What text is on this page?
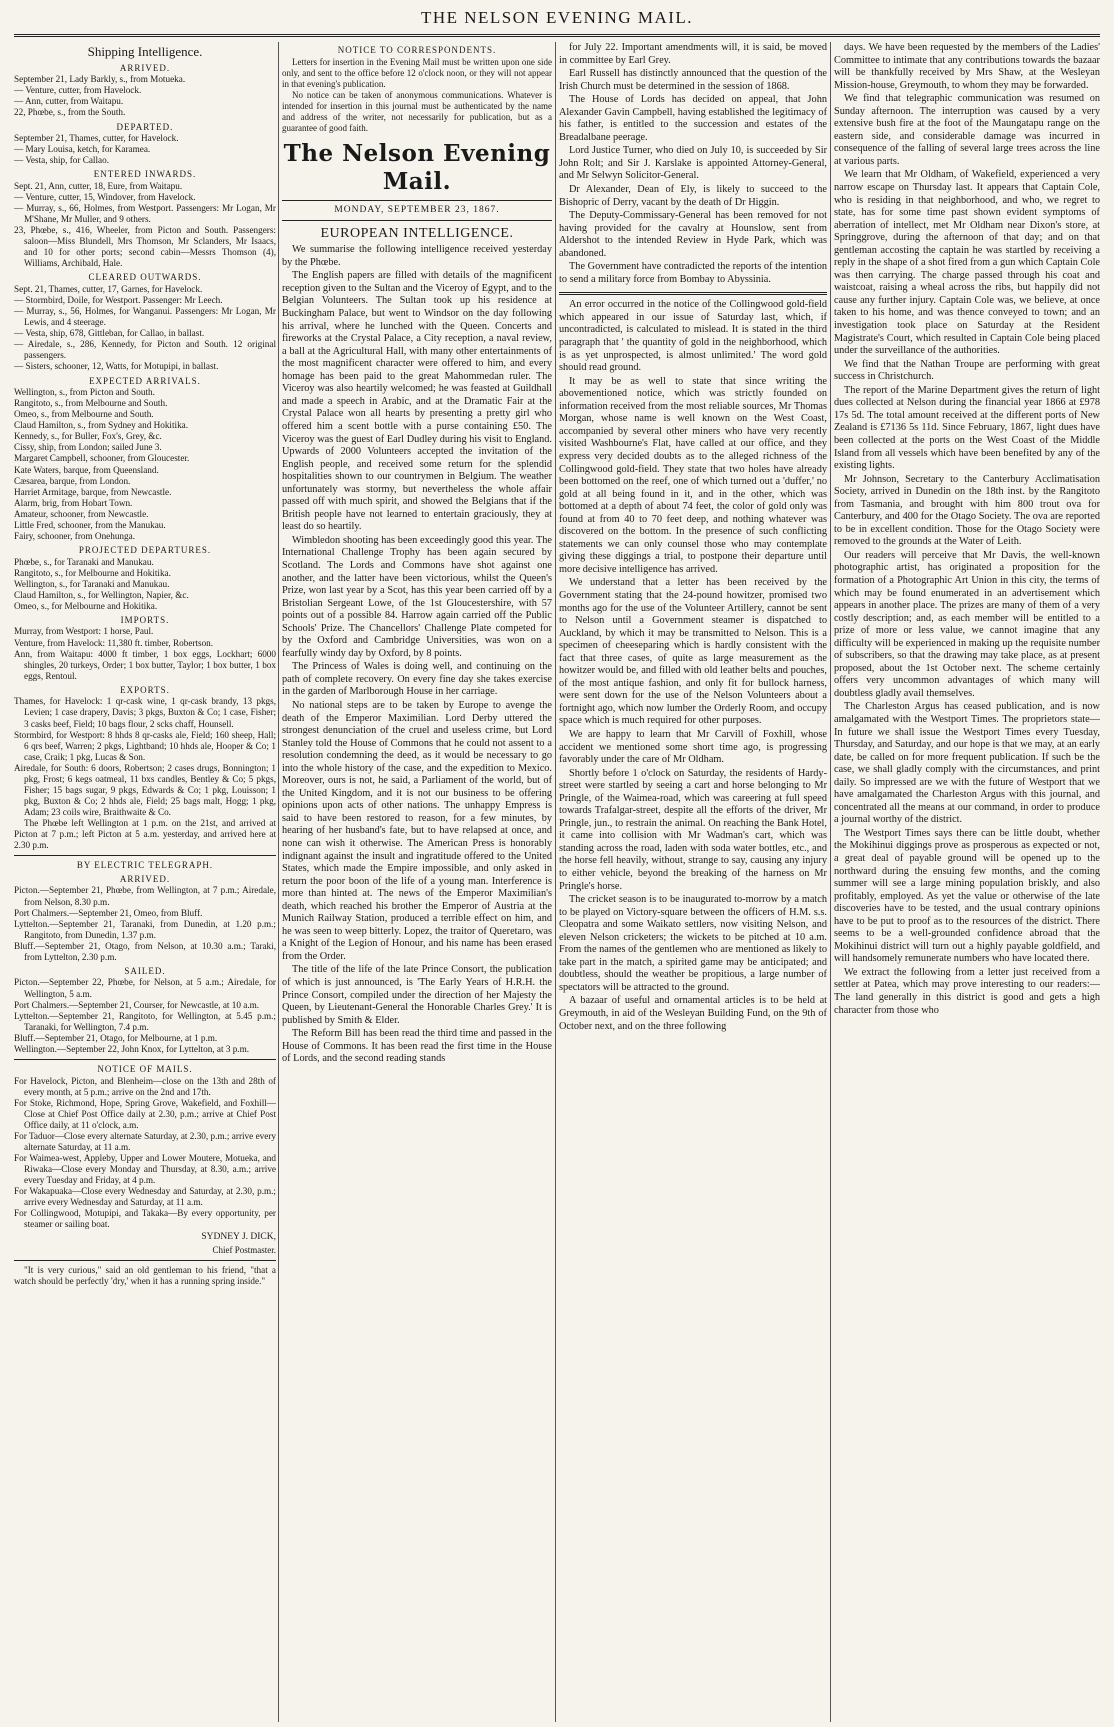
THE NELSON EVENING MAIL.
Shipping Intelligence.
ARRIVED.

September 21, Lady Barkly, s., from Motueka.

— Venture, cutter, from Havelock.

— Ann, cutter, from Waitapu.

22, Phœbe, s., from the South.

DEPARTED.

September 21, Thames, cutter, for Havelock.

— Mary Louisa, ketch, for Karamea.

— Vesta, ship, for Callao.

ENTERED INWARDS.

Sept. 21, Ann, cutter, 18, Eure, from Waitapu.

— Venture, cutter, 15, Windover, from Havelock.

— Murray, s., 66, Holmes, from Westport. Passengers: Mr Logan, Mr M'Shane, Mr Muller, and 9 others.

23, Phœbe, s., 416, Wheeler, from Picton and South. Passengers: saloon—Miss Blundell, Mrs Thomson, Mr Sclanders, Mr Isaacs, and 10 for other ports; second cabin—Messrs Thomson (4), Williams, Archibald, Hale.

CLEARED OUTWARDS.

Sept. 21, Thames, cutter, 17, Garnes, for Havelock.

— Stormbird, Doile, for Westport. Passenger: Mr Leech.

— Murray, s., 56, Holmes, for Wanganui. Passengers: Mr Logan, Mr Lewis, and 4 steerage.

— Vesta, ship, 678, Gittleban, for Callao, in ballast.

— Airedale, s., 286, Kennedy, for Picton and South. 12 original passengers.

— Sisters, schooner, 12, Watts, for Motupipi, in ballast.

EXPECTED ARRIVALS.

Wellington, s., from Picton and South.

Rangitoto, s., from Melbourne and South.

Omeo, s., from Melbourne and South.

Claud Hamilton, s., from Sydney and Hokitika.

Kennedy, s., for Buller, Fox's, Grey, &c.

Cissy, ship, from London; sailed June 3.

Margaret Campbell, schooner, from Gloucester.

Kate Waters, barque, from Queensland.

Cæsarea, barque, from London.

Harriet Armitage, barque, from Newcastle.

Alarm, brig, from Hobart Town.

Amateur, schooner, from Newcastle.

Little Fred, schooner, from the Manukau.

Fairy, schooner, from Onehunga.

PROJECTED DEPARTURES.

Phœbe, s., for Taranaki and Manukau.

Rangitoto, s., for Melbourne and Hokitika.

Wellington, s., for Taranaki and Manukau.

Claud Hamilton, s., for Wellington, Napier, &c.

Omeo, s., for Melbourne and Hokitika.

IMPORTS.

Murray, from Westport: 1 horse, Paul.

Venture, from Havelock: 11,380 ft. timber, Robertson.

Ann, from Waitapu: 4000 ft timber, 1 box eggs, Lockhart; 6000 shingles, 20 turkeys, Order; 1 box butter, Taylor; 1 box butter, 1 box eggs, Rentoul.

EXPORTS.

Thames, for Havelock: 1 qr-cask wine, 1 qr-cask brandy, 13 pkgs, Levien; 1 case drapery, Davis; 3 pkgs, Buxton & Co; 1 case, Fisher; 3 casks beef, Field; 10 bags flour, 2 scks chaff, Hounsell.

Stormbird, for Westport: 8 hhds 8 qr-casks ale, Field; 160 sheep, Hall; 6 qrs beef, Warren; 2 pkgs, Lightband; 10 hhds ale, Hooper & Co; 1 case, Craik; 1 pkg, Lucas & Son.

Airedale, for South: 6 doors, Robertson; 2 cases drugs, Bonnington; 1 pkg, Frost; 6 kegs oatmeal, 11 bxs candles, Bentley & Co; 5 pkgs, Fisher; 15 bags sugar, 9 pkgs, Edwards & Co; 1 pkg, Louisson; 1 pkg, Buxton & Co; 2 hhds ale, Field; 25 bags malt, Hogg; 1 pkg, Adam; 23 coils wire, Braithwaite & Co.

The Phœbe left Wellington at 1 p.m. on the 21st, and arrived at Picton at 7 p.m.; left Picton at 5 a.m. yesterday, and arrived here at 2.30 p.m.

BY ELECTRIC TELEGRAPH.
ARRIVED.

Picton.—September 21, Phœbe, from Wellington, at 7 p.m.; Airedale, from Nelson, 8.30 p.m.

Port Chalmers.—September 21, Omeo, from Bluff.

Lyttelton.—September 21, Taranaki, from Dunedin, at 1.20 p.m.; Rangitoto, from Dunedin, 1.37 p.m.

Bluff.—September 21, Otago, from Nelson, at 10.30 a.m.; Taraki, from Lyttelton, 2.30 p.m.

SAILED.

Picton.—September 22, Phœbe, for Nelson, at 5 a.m.; Airedale, for Wellington, 5 a.m.

Port Chalmers.—September 21, Courser, for Newcastle, at 10 a.m.

Lyttelton.—September 21, Rangitoto, for Wellington, at 5.45 p.m.; Taranaki, for Wellington, 7.4 p.m.

Bluff.—September 21, Otago, for Melbourne, at 1 p.m.

Wellington.—September 22, John Knox, for Lyttelton, at 3 p.m.

NOTICE OF MAILS.

For Havelock, Picton, and Blenheim—close on the 13th and 28th of every month, at 5 p.m.; arrive on the 2nd and 17th.

For Stoke, Richmond, Hope, Spring Grove, Wakefield, and Foxhill—Close at Chief Post Office daily at 2.30, p.m.; arrive at Chief Post Office daily, at 11 o'clock, a.m.

For Taduor—Close every alternate Saturday, at 2.30, p.m.; arrive every alternate Saturday, at 11 a.m.

For Waimea-west, Appleby, Upper and Lower Moutere, Motueka, and Riwaka—Close every Monday and Thursday, at 8.30, a.m.; arrive every Tuesday and Friday, at 4 p.m.

For Wakapuaka—Close every Wednesday and Saturday, at 2.30, p.m.; arrive every Wednesday and Saturday, at 11 a.m.

For Collingwood, Motupipi, and Takaka—By every opportunity, per steamer or sailing boat.

SYDNEY J. DICK,
Chief Postmaster.

"It is very curious," said an old gentleman to his friend, "that a watch should be perfectly 'dry,' when it has a running spring inside."

NOTICE TO CORRESPONDENTS.

Letters for insertion in the Evening Mail must be written upon one side only, and sent to the office before 12 o'clock noon, or they will not appear in that evening's publication.

No notice can be taken of anonymous communications. Whatever is intended for insertion in this journal must be authenticated by the name and address of the writer, not necessarily for publication, but as a guarantee of good faith.

The Nelson Evening Mail.
MONDAY, SEPTEMBER 23, 1867.
EUROPEAN INTELLIGENCE.

We summarise the following intelligence received yesterday by the Phœbe.

The English papers are filled with details of the magnificent reception given to the Sultan and the Viceroy of Egypt, and to the Belgian Volunteers. The Sultan took up his residence at Buckingham Palace, but went to Windsor on the day following his arrival, where he lunched with the Queen. Concerts and fireworks at the Crystal Palace, a City reception, a naval review, a ball at the Agricultural Hall, with many other entertainments of the most magnificent character were offered to him, and every homage has been paid to the great Mahommedan ruler. The Viceroy was also heartily welcomed; he was feasted at Guildhall and made a speech in Arabic, and at the Dramatic Fair at the Crystal Palace won all hearts by presenting a pretty girl who offered him a scent bottle with a purse containing £50. The Viceroy was the guest of Earl Dudley during his visit to England. Upwards of 2000 Volunteers accepted the invitation of the English people, and received some return for the splendid hospitalities shown to our countrymen in Belgium. The weather unfortunately was stormy, but nevertheless the whole affair passed off with much spirit, and showed the Belgians that if the British people have not learned to entertain graciously, they at least do so heartily.

Wimbledon shooting has been exceedingly good this year. The International Challenge Trophy has been again secured by Scotland. The Lords and Commons have shot against one another, and the latter have been victorious, whilst the Queen's Prize, won last year by a Scot, has this year been carried off by a Bristolian Sergeant Lowe, of the 1st Gloucestershire, with 57 points out of a possible 84. Harrow again carried off the Public Schools' Prize. The Chancellors' Challenge Plate competed for by the Oxford and Cambridge Universities, was won on a fearfully windy day by Oxford, by 8 points.

The Princess of Wales is doing well, and continuing on the path of complete recovery. On every fine day she takes exercise in the garden of Marlborough House in her carriage.

No national steps are to be taken by Europe to avenge the death of the Emperor Maximilian. Lord Derby uttered the strongest denunciation of the cruel and useless crime, but Lord Stanley told the House of Commons that he could not assent to a resolution condemning the deed, as it would be necessary to go into the whole history of the case, and the expedition to Mexico. Moreover, ours is not, he said, a Parliament of the world, but of the United Kingdom, and it is not our business to be offering opinions upon acts of other nations. The unhappy Empress is said to have been restored to reason, for a few minutes, by hearing of her husband's fate, but to have relapsed at once, and none can wish it otherwise. The American Press is honorably indignant against the insult and ingratitude offered to the United States, which made the Empire impossible, and only asked in return the poor boon of the life of a young man. Interference is more than hinted at. The news of the Emperor Maximilian's death, which reached his brother the Emperor of Austria at the Munich Railway Station, produced a terrible effect on him, and he was seen to weep bitterly. Lopez, the traitor of Queretaro, was a Knight of the Legion of Honour, and his name has been erased from the Order.

The title of the life of the late Prince Consort, the publication of which is just announced, is 'The Early Years of H.R.H. the Prince Consort, compiled under the direction of her Majesty the Queen, by Lieutenant-General the Honorable Charles Grey.' It is published by Smith & Elder.

The Reform Bill has been read the third time and passed in the House of Commons. It has been read the first time in the House of Lords, and the second reading stands

for July 22. Important amendments will, it is said, be moved in committee by Earl Grey.

Earl Russell has distinctly announced that the question of the Irish Church must be determined in the session of 1868.

The House of Lords has decided on appeal, that John Alexander Gavin Campbell, having established the legitimacy of his father, is entitled to the succession and estates of the Breadalbane peerage.

Lord Justice Turner, who died on July 10, is succeeded by Sir John Rolt; and Sir J. Karslake is appointed Attorney-General, and Mr Selwyn Solicitor-General.

Dr Alexander, Dean of Ely, is likely to succeed to the Bishopric of Derry, vacant by the death of Dr Higgin.

The Deputy-Commissary-General has been removed for not having provided for the cavalry at Hounslow, sent from Aldershot to the intended Review in Hyde Park, which was abandoned.

The Government have contradicted the reports of the intention to send a military force from Bombay to Abyssinia.

An error occurred in the notice of the Collingwood gold-field which appeared in our issue of Saturday last, which, if uncontradicted, is calculated to mislead. It is stated in the third paragraph that ' the quantity of gold in the neighborhood, which is as yet unprospected, is almost unlimited.' The word gold should read ground.

It may be as well to state that since writing the abovementioned notice, which was strictly founded on information received from the most reliable sources, Mr Thomas Morgan, whose name is well known on the West Coast, accompanied by several other miners who have very recently visited Washbourne's Flat, have called at our office, and they express very decided doubts as to the alleged richness of the Collingwood gold-field. They state that two holes have already been bottomed on the reef, one of which turned out a 'duffer,' no gold at all being found in it, and in the other, which was bottomed at a depth of about 74 feet, the color of gold only was found at from 40 to 70 feet deep, and nothing whatever was discovered on the bottom. In the presence of such conflicting statements we can only counsel those who may contemplate giving these diggings a trial, to postpone their departure until more decisive intelligence has arrived.

We understand that a letter has been received by the Government stating that the 24-pound howitzer, promised two months ago for the use of the Volunteer Artillery, cannot be sent to Nelson until a Government steamer is dispatched to Auckland, by which it may be transmitted to Nelson. This is a specimen of cheeseparing which is hardly consistent with the fact that three cases, of quite as large measurement as the howitzer would be, and filled with old leather belts and pouches, of the most antique fashion, and only fit for bullock harness, were sent down for the use of the Nelson Volunteers about a fortnight ago, which now lumber the Orderly Room, and occupy space which is much required for other purposes.

We are happy to learn that Mr Carvill of Foxhill, whose accident we mentioned some short time ago, is progressing favorably under the care of Mr Oldham.

Shortly before 1 o'clock on Saturday, the residents of Hardy-street were startled by seeing a cart and horse belonging to Mr Pringle, of the Waimea-road, which was careering at full speed towards Trafalgar-street, despite all the efforts of the driver, Mr Pringle, jun., to restrain the animal. On reaching the Bank Hotel, it came into collision with Mr Wadman's cart, which was standing across the road, laden with soda water bottles, etc., and the horse fell heavily, without, strange to say, causing any injury to either vehicle, beyond the breaking of the harness on Mr Pringle's horse.

The cricket season is to be inaugurated to-morrow by a match to be played on Victory-square between the officers of H.M. s.s. Cleopatra and some Waikato settlers, now visiting Nelson, and eleven Nelson cricketers; the wickets to be pitched at 10 a.m. From the names of the gentlemen who are mentioned as likely to take part in the match, a spirited game may be anticipated; and doubtless, should the weather be propitious, a large number of spectators will be attracted to the ground.

A bazaar of useful and ornamental articles is to be held at Greymouth, in aid of the Wesleyan Building Fund, on the 9th of October next, and on the three following

days. We have been requested by the members of the Ladies' Committee to intimate that any contributions towards the bazaar will be thankfully received by Mrs Shaw, at the Wesleyan Mission-house, Greymouth, to whom they may be forwarded.

We find that telegraphic communication was resumed on Sunday afternoon. The interruption was caused by a very extensive bush fire at the foot of the Maungatapu range on the eastern side, and considerable damage was incurred in consequence of the falling of several large trees across the line at various parts.

We learn that Mr Oldham, of Wakefield, experienced a very narrow escape on Thursday last. It appears that Captain Cole, who is residing in that neighborhood, and who, we regret to state, has for some time past shown evident symptoms of aberration of intellect, met Mr Oldham near Dixon's store, at Springgrove, during the afternoon of that day; and on that gentleman accosting the captain he was startled by receiving a reply in the shape of a shot fired from a gun which Captain Cole was then carrying. The charge passed through his coat and waistcoat, raising a wheal across the ribs, but happily did not cause any further injury. Captain Cole was, we believe, at once taken to his home, and was thence conveyed to town; and an investigation took place on Saturday at the Resident Magistrate's Court, which resulted in Captain Cole being placed under the surveillance of the authorities.

We find that the Nathan Troupe are performing with great success in Christchurch.

The report of the Marine Department gives the return of light dues collected at Nelson during the financial year 1866 at £978 17s 5d. The total amount received at the different ports of New Zealand is £7136 5s 11d. Since February, 1867, light dues have been collected at the ports on the West Coast of the Middle Island from all vessels which have been benefited by any of the existing lights.

Mr Johnson, Secretary to the Canterbury Acclimatisation Society, arrived in Dunedin on the 18th inst. by the Rangitoto from Tasmania, and brought with him 800 trout ova for Canterbury, and 400 for the Otago Society. The ova are reported to be in excellent condition. Those for the Otago Society were removed to the grounds at the Water of Leith.

Our readers will perceive that Mr Davis, the well-known photographic artist, has originated a proposition for the formation of a Photographic Art Union in this city, the terms of which may be found enumerated in an advertisement which appears in another place. The prizes are many of them of a very costly description; and, as each member will be entitled to a prize of more or less value, we cannot imagine that any difficulty will be experienced in making up the requisite number of subscribers, so that the drawing may take place, as at present proposed, about the 1st October next. The scheme certainly offers very uncommon advantages of which many will doubtless gladly avail themselves.

The Charleston Argus has ceased publication, and is now amalgamated with the Westport Times. The proprietors state—In future we shall issue the Westport Times every Tuesday, Thursday, and Saturday, and our hope is that we may, at an early date, be called on for more frequent publication. If such be the case, we shall gladly comply with the circumstances, and print daily. So impressed are we with the future of Westport that we have amalgamated the Charleston Argus with this journal, and concentrated all the means at our command, in order to produce a journal worthy of the district.

The Westport Times says there can be little doubt, whether the Mokihinui diggings prove as prosperous as expected or not, a great deal of payable ground will be opened up to the northward during the ensuing few months, and the coming summer will see a large mining population briskly, and also profitably, employed. As yet the value or otherwise of the late discoveries have to be tested, and the usual contrary opinions have to be put to proof as to the resources of the district. There seems to be a well-grounded confidence abroad that the Mokihinui district will turn out a highly payable goldfield, and will handsomely remunerate numbers who have located there.

We extract the following from a letter just received from a settler at Patea, which may prove interesting to our readers:—The land generally in this district is good and gets a high character from those who
